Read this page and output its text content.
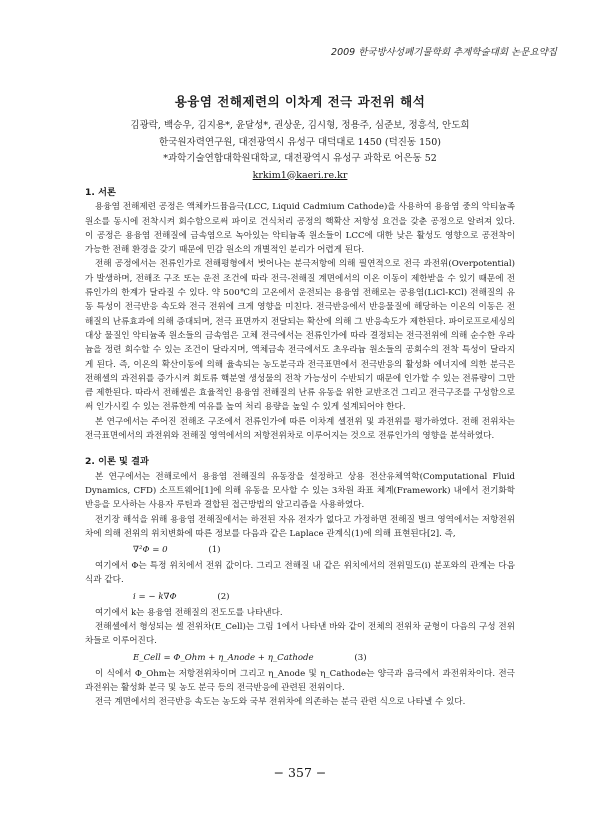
2009 한국방사성폐기물학회 추계학술대회 논문요약집
용융염 전해제련의 이차계 전극 과전위 해석
김광락, 백승우, 김지용*, 윤달성*, 권상운, 김시형, 정용주, 심준보, 정흥석, 안도희
한국원자력연구원, 대전광역시 유성구 대덕대로 1450 (덕진동 150)
*과학기술연합대학원대학교, 대전광역시 유성구 과학로 어은동 52
krkim1@kaeri.re.kr
1. 서론

용융염 전해제련 공정은 액체카드뮴음극(LCC, Liquid Cadmium Cathode)을 사용하여 용융염 중의 악티늄족 원소를 동시에 전착시켜 회수함으로써 파이로 건식처리 공정의 핵확산 저항성 요건을 갖춘 공정으로 알려져 있다. 이 공정은 용융염 전해질에 금속염으로 녹아있는 악티늄족 원소들이 LCC에 대한 낮은 활성도 영향으로 공전착이 가능한 전해 환경을 갖기 때문에 민감 원소의 개별적인 분리가 어렵게 된다.

전해 공정에서는 전류인가로 전해평형에서 벗어나는 분극저항에 의해 필연적으로 전극 과전위(Overpotential)가 발생하며, 전해조 구조 또는 운전 조건에 따라 전극-전해질 계면에서의 이온 이동이 제한받을 수 있기 때문에 전류인가의 한계가 달라질 수 있다. 약 500℃의 고온에서 운전되는 용융염 전해로는 공용염(LiCl-KCl) 전해질의 유동 특성이 전극반응 속도와 전극 전위에 크게 영향을 미친다. 전극반응에서 반응물질에 해당하는 이온의 이동은 전해질의 난류효과에 의해 증대되며, 전극 표면까지 전달되는 확산에 의해 그 반응속도가 제한된다. 파이로프로세싱의 대상 물질인 악티늄족 원소들의 금속염은 고체 전극에서는 전류인가에 따라 결정되는 전극전위에 의해 순수한 우라늄을 정련 회수할 수 있는 조건이 달라지며, 액체금속 전극에서도 초우라늄 원소들의 공회수의 전착 특성이 달라지게 된다. 즉, 이온의 확산이동에 의해 율속되는 농도분극과 전극표면에서 전극반응의 활성화 에너지에 의한 분극은 전해셀의 과전위를 증가시켜 회토류 핵분열 생성물의 전착 가능성이 수반되기 때문에 인가할 수 있는 전류량이 그만큼 제한된다. 따라서 전해셀은 효율적인 용융염 전해질의 난류 유동을 위한 교반조건 그리고 전극구조를 구성함으로써 인가시킬 수 있는 전류한계 여유를 높여 처리 용량을 높일 수 있게 설계되어야 한다.

본 연구에서는 주어진 전해조 구조에서 전류인가에 따른 이차계 셀전위 및 과전위를 평가하였다. 전해 전위차는 전극표면에서의 과전위와 전해질 영역에서의 저항전위차로 이루어지는 것으로 전류인가의 영향을 분석하였다.

2. 이론 및 결과

본 연구에서는 전해로에서 용융염 전해질의 유동장을 설정하고 상용 전산유체역학(Computational Fluid Dynamics, CFD) 소프트웨어[1]에 의해 유동을 모사할 수 있는 3차원 좌표 체계(Framework) 내에서 전기화학반응을 모사하는 사용자 루틴과 결합된 접근방법의 알고리즘을 사용하였다.

전기장 해석을 위해 용융염 전해질에서는 하전된 자유 전자가 없다고 가정하면 전해질 벌크 영역에서는 저항전위차에 의해 전위의 위치변화에 따른 정보를 다음과 같은 Laplace 관계식(1)에 의해 표현된다[2]. 즉,

∇²Φ = 0	(1)

여기에서 Φ는 특정 위치에서 전위 값이다. 그리고 전해질 내 같은 위치에서의 전위밀도(i) 분포와의 관계는 다음 식과 같다.

i = − k∇Φ	(2)

여기에서 k는 용융염 전해질의 전도도를 나타낸다.

전해셀에서 형성되는 셀 전위차(E_Cell)는 그림 1에서 나타낸 바와 같이 전체의 전위차 균형이 다음의 구성 전위차들로 이루어진다.

E_Cell = Φ_Ohm + η_Anode + η_Cathode	(3)

이 식에서 Φ_Ohm는 저항전위차이며 그리고 η_Anode 및 η_Cathode는 양극과 음극에서 과전위차이다. 전극 과전위는 활성화 분극 및 농도 분극 등의 전극반응에 관련된 전위이다.

전극 계면에서의 전극반응 속도는 농도와 국부 전위차에 의존하는 분극 관련 식으로 나타낼 수 있다.

− 357 −
